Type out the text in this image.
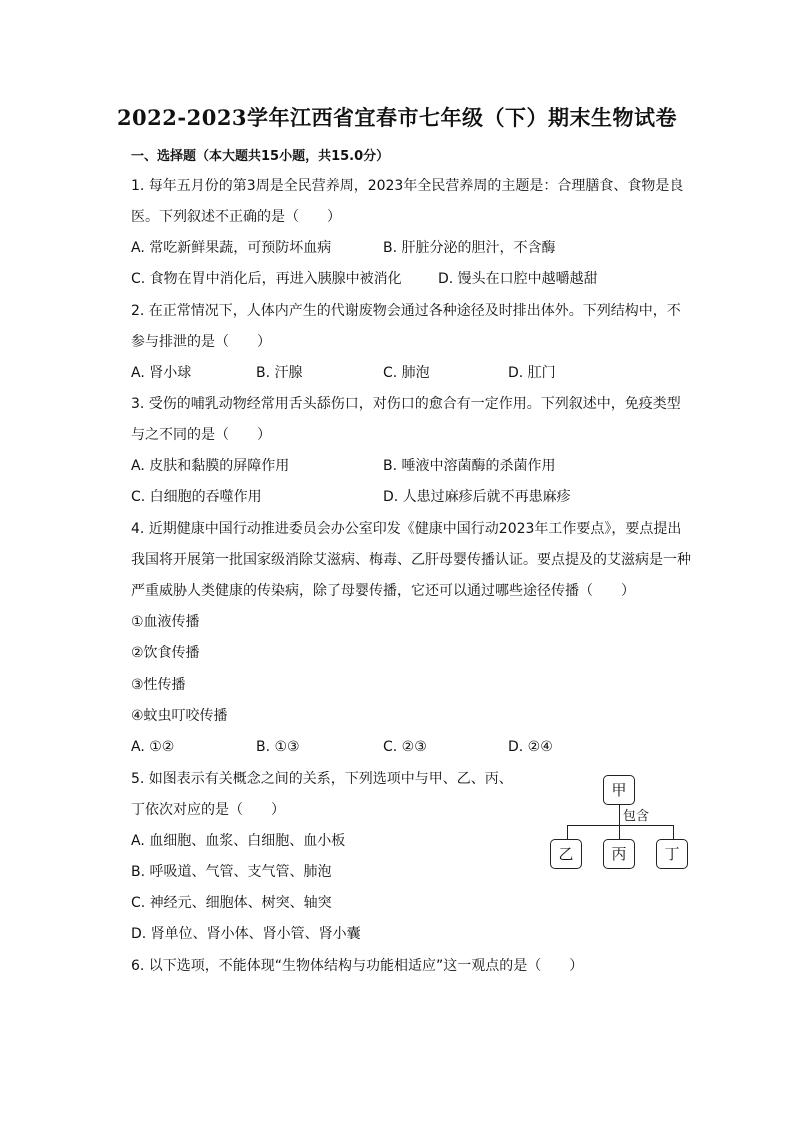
2022-2023学年江西省宜春市七年级（下）期末生物试卷
一、选择题（本大题共15小题，共15.0分）
1. 每年五月份的第3周是全民营养周，2023年全民营养周的主题是：合理膳食、食物是良
医。下列叙述不正确的是（　　）
A. 常吃新鲜果蔬，可预防坏血病	B. 肝脏分泌的胆汁，不含酶
C. 食物在胃中消化后，再进入胰腺中被消化	D. 馒头在口腔中越嚼越甜
2. 在正常情况下，人体内产生的代谢废物会通过各种途径及时排出体外。下列结构中，不
参与排泄的是（　　）
A. 肾小球	B. 汗腺	C. 肺泡	D. 肛门
3. 受伤的哺乳动物经常用舌头舔伤口，对伤口的愈合有一定作用。下列叙述中，免疫类型
与之不同的是（　　）
A. 皮肤和黏膜的屏障作用	B. 唾液中溶菌酶的杀菌作用
C. 白细胞的吞噬作用	D. 人患过麻疹后就不再患麻疹
4. 近期健康中国行动推进委员会办公室印发《健康中国行动2023年工作要点》，要点提出
我国将开展第一批国家级消除艾滋病、梅毒、乙肝母婴传播认证。要点提及的艾滋病是一种
严重威胁人类健康的传染病，除了母婴传播，它还可以通过哪些途径传播（　　）
①血液传播
②饮食传播
③性传播
④蚊虫叮咬传播
A. ①②	B. ①③	C. ②③	D. ②④
5. 如图表示有关概念之间的关系，下列选项中与甲、乙、丙、
丁依次对应的是（　　）
A. 血细胞、血浆、白细胞、血小板
B. 呼吸道、气管、支气管、肺泡
C. 神经元、细胞体、树突、轴突
D. 肾单位、肾小体、肾小管、肾小囊
甲
包含
乙	丙	丁
6. 以下选项，不能体现“生物体结构与功能相适应”这一观点的是（　　）
